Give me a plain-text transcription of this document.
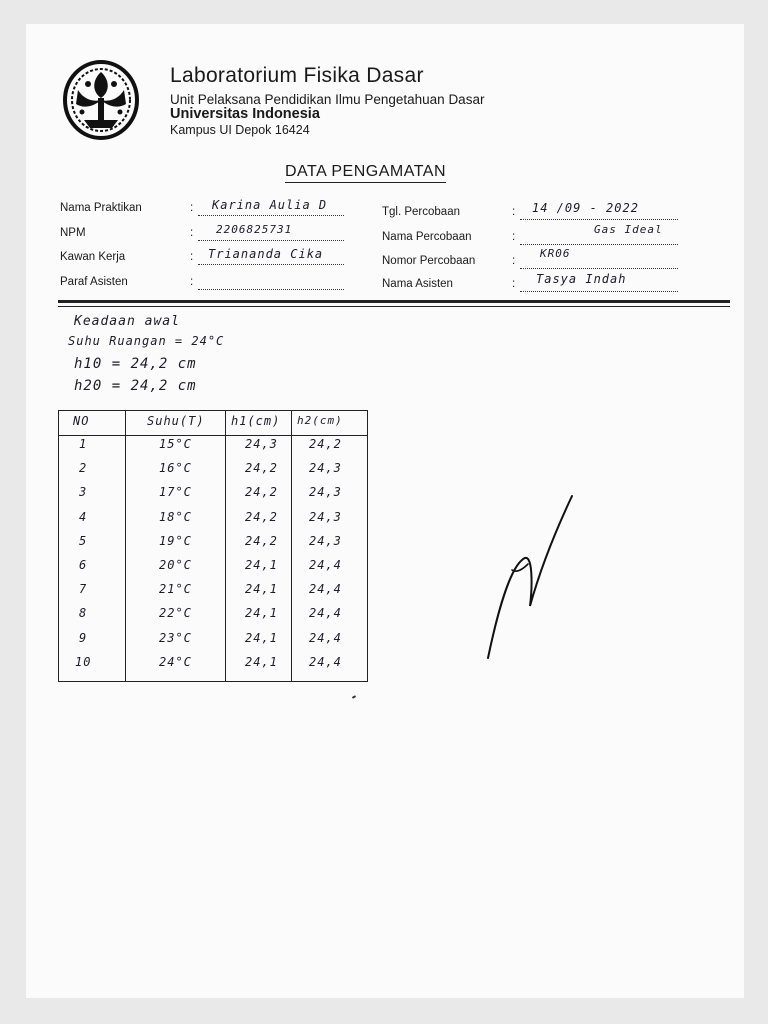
Laboratorium Fisika Dasar
Unit Pelaksana Pendidikan Ilmu Pengetahuan Dasar
Universitas Indonesia
Kampus UI Depok 16424
DATA PENGAMATAN
Nama Praktikan	: Karina Aulia D
NPM	: 2206825731
Kawan Kerja	: Triananda Cika
Paraf Asisten	:
Tgl. Percobaan	: 14 /09 - 2022
Nama Percobaan	:
Gas Ideal
Nomor Percobaan	:
KR06
Nama Asisten	: Tasya Indah
Keadaan awal
Suhu Ruangan = 24°C
h10 = 24,2 cm
h20 = 24,2 cm
NO	Suhu(T) h1(cm) h2(cm)
1	15°C	24,3	24,2
2	16°C	24,2	24,3
3	17°C	24,2	24,3
4	18°C	24,2	24,3
5	19°C	24,2	24,3
6	20°C	24,1	24,4
7	21°C	24,1	24,4
8	22°C	24,1	24,4
9	23°C	24,1	24,4
10	24°C	24,1	24,4
